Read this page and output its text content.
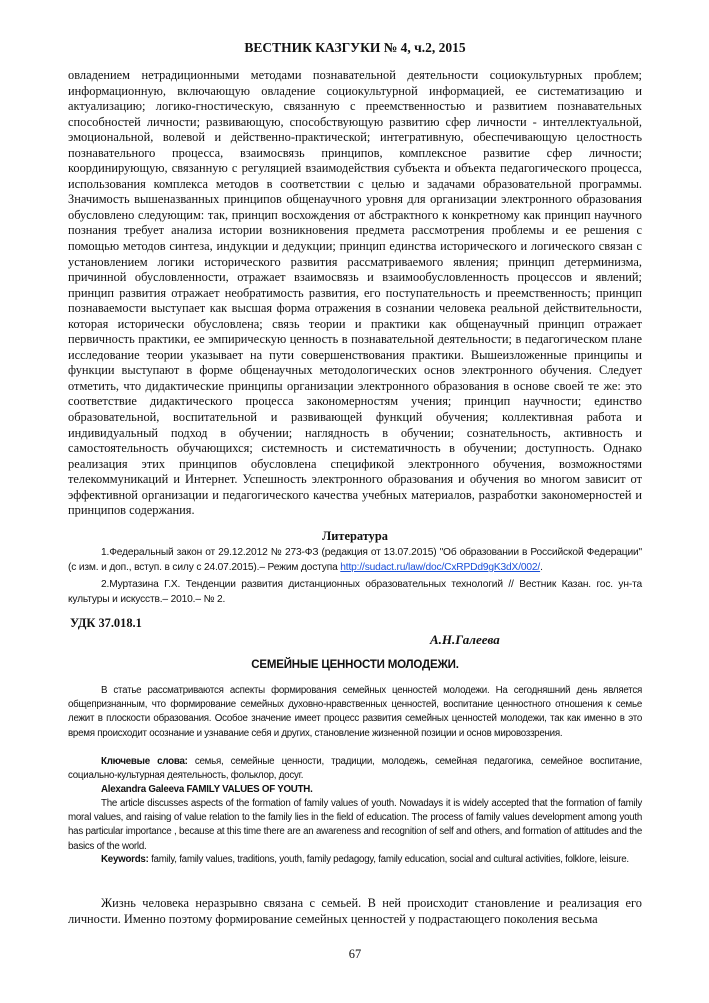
ВЕСТНИК КАЗГУКИ № 4, ч.2, 2015

овладением нетрадиционными методами познавательной деятельности социокультурных проблем; информационную, включающую овладение социокультурной информацией, ее систематизацию и актуализацию; логико-гностическую, связанную с преемственностью и развитием познавательных способностей личности; развивающую, способствующую развитию сфер личности - интеллектуальной, эмоциональной, волевой и действенно-практической; интегративную, обеспечивающую целостность познавательного процесса, взаимосвязь принципов, комплексное развитие сфер личности; координирующую, связанную с регуляцией взаимодействия субъекта и объекта педагогического процесса, использования комплекса методов в соответствии с целью и задачами образовательной программы. Значимость вышеназванных принципов общенаучного уровня для организации электронного образования обусловлено следующим: так, принцип восхождения от абстрактного к конкретному как принцип научного познания требует анализа истории возникновения предмета рассмотрения проблемы и ее решения с помощью методов синтеза, индукции и дедукции; принцип единства исторического и логического связан с установлением логики исторического развития рассматриваемого явления; принцип детерминизма, причинной обусловленности, отражает взаимосвязь и взаимообусловленность процессов и явлений; принцип развития отражает необратимость развития, его поступательность и преемственность; принцип познаваемости выступает как высшая форма отражения в сознании человека реальной действительности, которая исторически обусловлена; связь теории и практики как общенаучный принцип отражает первичность практики, ее эмпирическую ценность в познавательной деятельности; в педагогическом плане исследование теории указывает на пути совершенствования практики. Вышеизложенные принципы и функции выступают в форме общенаучных методологических основ электронного обучения. Следует отметить, что дидактические принципы организации электронного образования в основе своей те же: это соответствие дидактического процесса закономерностям учения; принцип научности; единство образовательной, воспитательной и развивающей функций обучения; коллективная работа и индивидуальный подход в обучении; наглядность в обучении; сознательность, активность и самостоятельность обучающихся; системность и систематичность в обучении; доступность. Однако реализация этих принципов обусловлена спецификой электронного обучения, возможностями телекоммуникаций и Интернет. Успешность электронного образования и обучения во многом зависит от эффективной организации и педагогического качества учебных материалов, разработки закономерностей и принципов содержания.

Литература

1.Федеральный закон от 29.12.2012 № 273-ФЗ (редакция от 13.07.2015) "Об образовании в Российской Федерации" (с изм. и доп., вступ. в силу с 24.07.2015).– Режим доступа http://sudact.ru/law/doc/CxRPDd9gK3dX/002/.

2.Муртазина Г.Х. Тенденции развития дистанционных образовательных технологий // Вестник Казан. гос. ун-та культуры и искусств.– 2010.– № 2.

УДК 37.018.1
А.Н.Галеева
СЕМЕЙНЫЕ ЦЕННОСТИ МОЛОДЕЖИ.

В статье рассматриваются аспекты формирования семейных ценностей молодежи. На сегодняшний день является общепризнанным, что формирование семейных духовно-нравственных ценностей, воспитание ценностного отношения к семье лежит в плоскости образования. Особое значение имеет процесс развития семейных ценностей молодежи, так как именно в это время происходит осознание и узнавание себя и других, становление жизненной позиции и основ мировоззрения.

Ключевые слова: семья, семейные ценности, традиции, молодежь, семейная педагогика, семейное воспитание, социально-культурная деятельность, фольклор, досуг.

Alexandra Galeeva FAMILY VALUES OF YOUTH.

The article discusses aspects of the formation of family values of youth. Nowadays it is widely accepted that the formation of family moral values, and raising of value relation to the family lies in the field of education. The process of family values development among youth has particular importance , because at this time there are an awareness and recognition of self and others, and formation of attitudes and the basics of the world.

Keywords: family, family values, traditions, youth, family pedagogy, family education, social and cultural activities, folklore, leisure.

Жизнь человека неразрывно связана с семьей. В ней происходит становление и реализация его личности. Именно поэтому формирование семейных ценностей у подрастающего поколения весьма

67
